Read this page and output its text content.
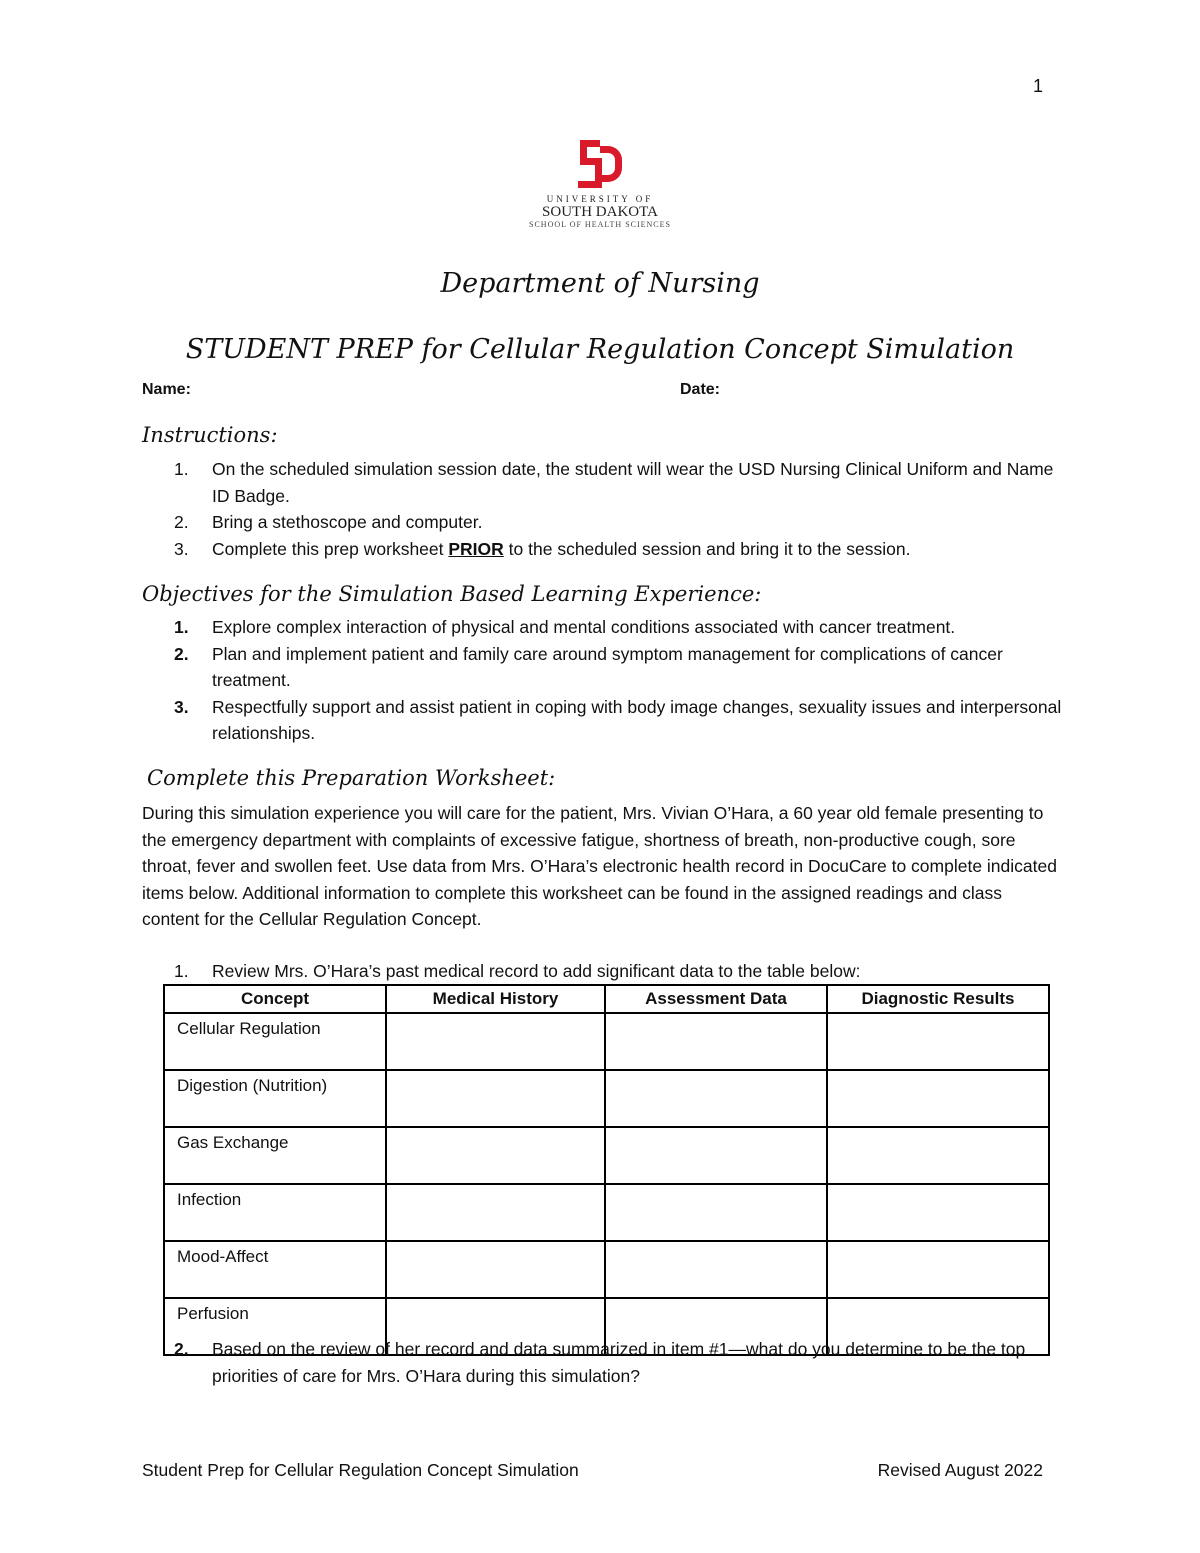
1
UNIVERSITY OF
SOUTH DAKOTA
SCHOOL OF HEALTH SCIENCES
Department of Nursing
STUDENT PREP for Cellular Regulation Concept Simulation
Name:	Date:
Instructions:
1. On the scheduled simulation session date, the student will wear the USD Nursing Clinical Uniform and Name ID Badge.
2. Bring a stethoscope and computer.
3. Complete this prep worksheet PRIOR to the scheduled session and bring it to the session.
Objectives for the Simulation Based Learning Experience:
1. Explore complex interaction of physical and mental conditions associated with cancer treatment.
2. Plan and implement patient and family care around symptom management for complications of cancer treatment.
3. Respectfully support and assist patient in coping with body image changes, sexuality issues and interpersonal relationships.
Complete this Preparation Worksheet:
During this simulation experience you will care for the patient, Mrs. Vivian O’Hara, a 60 year old female presenting to the emergency department with complaints of excessive fatigue, shortness of breath, non-productive cough, sore throat, fever and swollen feet. Use data from Mrs. O’Hara’s electronic health record in DocuCare to complete indicated items below. Additional information to complete this worksheet can be found in the assigned readings and class content for the Cellular Regulation Concept.
1. Review Mrs. O’Hara’s past medical record to add significant data to the table below:
Concept	Medical History	Assessment Data	Diagnostic Results
Cellular Regulation			
Digestion (Nutrition)			
Gas Exchange			
Infection			
Mood-Affect			
Perfusion			
2. Based on the review of her record and data summarized in item #1—what do you determine to be the top priorities of care for Mrs. O’Hara during this simulation?
Student Prep for Cellular Regulation Concept Simulation	Revised August 2022
